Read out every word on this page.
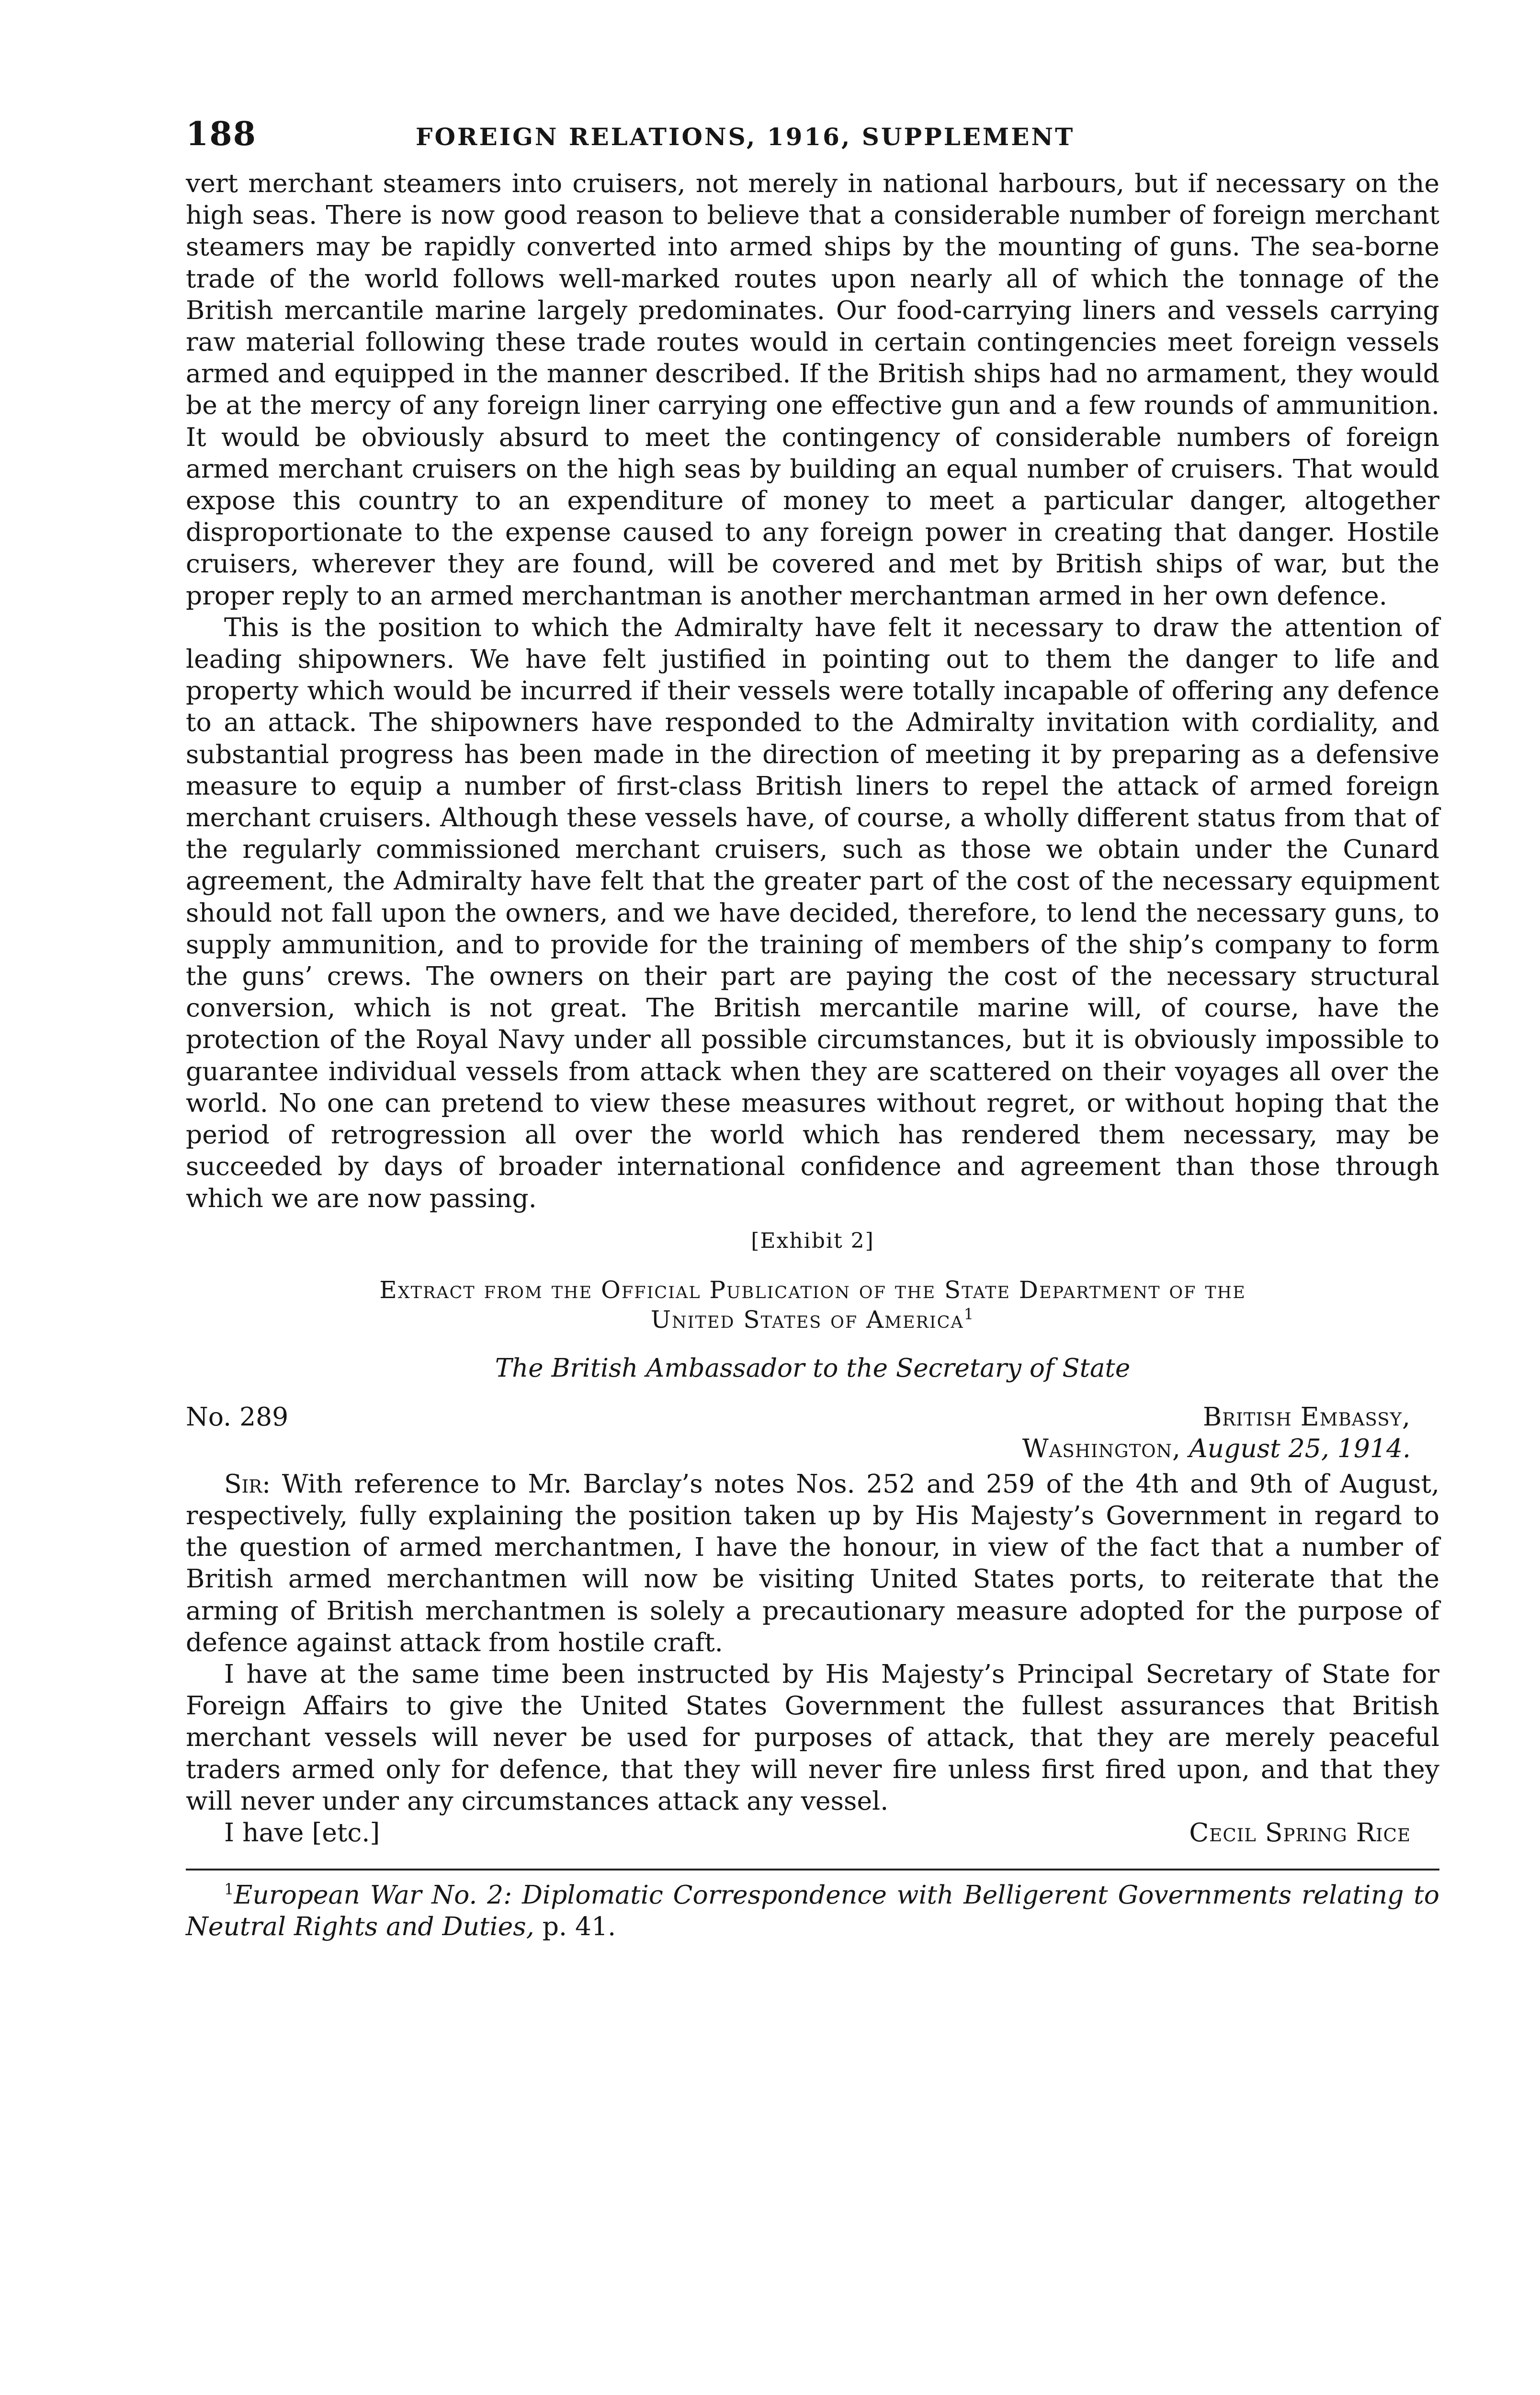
188	FOREIGN RELATIONS, 1916, SUPPLEMENT

vert merchant steamers into cruisers, not merely in national harbours, but if necessary on the high seas. There is now good reason to believe that a considerable number of foreign merchant steamers may be rapidly converted into armed ships by the mounting of guns. The sea-borne trade of the world follows well-marked routes upon nearly all of which the tonnage of the British mercantile marine largely predominates. Our food-carrying liners and vessels carrying raw material following these trade routes would in certain contingencies meet foreign vessels armed and equipped in the manner described. If the British ships had no armament, they would be at the mercy of any foreign liner carrying one effective gun and a few rounds of ammunition. It would be obviously absurd to meet the contingency of considerable numbers of foreign armed merchant cruisers on the high seas by building an equal number of cruisers. That would expose this country to an expenditure of money to meet a particular danger, altogether disproportionate to the expense caused to any foreign power in creating that danger. Hostile cruisers, wherever they are found, will be covered and met by British ships of war, but the proper reply to an armed merchantman is another merchantman armed in her own defence.

This is the position to which the Admiralty have felt it necessary to draw the attention of leading shipowners. We have felt justified in pointing out to them the danger to life and property which would be incurred if their vessels were totally incapable of offering any defence to an attack. The shipowners have responded to the Admiralty invitation with cordiality, and substantial progress has been made in the direction of meeting it by preparing as a defensive measure to equip a number of first-class British liners to repel the attack of armed foreign merchant cruisers. Although these vessels have, of course, a wholly different status from that of the regularly commissioned merchant cruisers, such as those we obtain under the Cunard agreement, the Admiralty have felt that the greater part of the cost of the necessary equipment should not fall upon the owners, and we have decided, therefore, to lend the necessary guns, to supply ammunition, and to provide for the training of members of the ship’s company to form the guns’ crews. The owners on their part are paying the cost of the necessary structural conversion, which is not great. The British mercantile marine will, of course, have the protection of the Royal Navy under all possible circumstances, but it is obviously impossible to guarantee individual vessels from attack when they are scattered on their voyages all over the world. No one can pretend to view these measures without regret, or without hoping that the period of retrogression all over the world which has rendered them necessary, may be succeeded by days of broader international confidence and agreement than those through which we are now passing.

[Exhibit 2]
Extract from the Official Publication of the State Department of the
United States of America$^1$
The British Ambassador to the Secretary of State
No. 289	British Embassy,
Washington, August 25, 1914.

Sir: With reference to Mr. Barclay’s notes Nos. 252 and 259 of the 4th and 9th of August, respectively, fully explaining the position taken up by His Majesty’s Government in regard to the question of armed merchantmen, I have the honour, in view of the fact that a number of British armed merchantmen will now be visiting United States ports, to reiterate that the arming of British merchantmen is solely a precautionary measure adopted for the purpose of defence against attack from hostile craft.

I have at the same time been instructed by His Majesty’s Principal Secretary of State for Foreign Affairs to give the United States Government the fullest assurances that British merchant vessels will never be used for purposes of attack, that they are merely peaceful traders armed only for defence, that they will never fire unless first fired upon, and that they will never under any circumstances attack any vessel.

I have [etc.]	Cecil Spring Rice

$^1$European War No. 2: Diplomatic Correspondence with Belligerent Governments relating to Neutral Rights and Duties, p. 41.
